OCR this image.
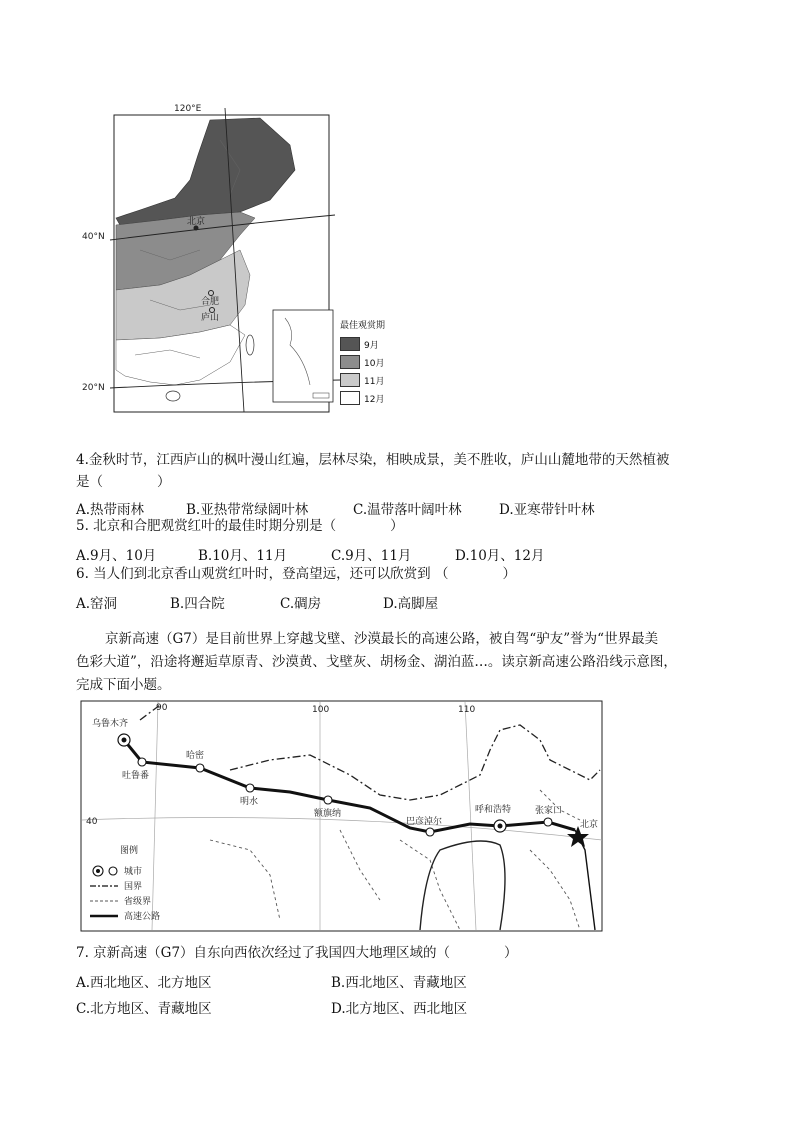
北京
合肥
庐山
120°E
40°N
20°N
最佳观赏期
9月
10月
11月
12月
4.金秋时节，江西庐山的枫叶漫山红遍，层林尽染，相映成景，美不胜收，庐山山麓地带的天然植被
是（　　　　）
A.热带雨林	B.亚热带常绿阔叶林	C.温带落叶阔叶林	D.亚寒带针叶林
5. 北京和合肥观赏红叶的最佳时期分别是（　　　　）
A.9月、10月	B.10月、11月	C.9月、11月	D.10月、12月
6. 当人们到北京香山观赏红叶时，登高望远，还可以欣赏到 （　　　　）
A.窑洞	B.四合院	C.碉房	D.高脚屋
京新高速（G7）是目前世界上穿越戈壁、沙漠最长的高速公路，被自驾“驴友”誉为“世界最美
色彩大道”，沿途将邂逅草原青、沙漠黄、戈壁灰、胡杨金、湖泊蓝…。读京新高速公路沿线示意图，
完成下面小题。
乌鲁木齐
吐鲁番
哈密
明水
额旗纳
巴彦淖尔
呼和浩特	张家口
北京
90	100	110
40
图例
城市
国界
省级界
高速公路
7. 京新高速（G7）自东向西依次经过了我国四大地理区域的（　　　　）
A.西北地区、北方地区	B.西北地区、青藏地区
C.北方地区、青藏地区	D.北方地区、西北地区
